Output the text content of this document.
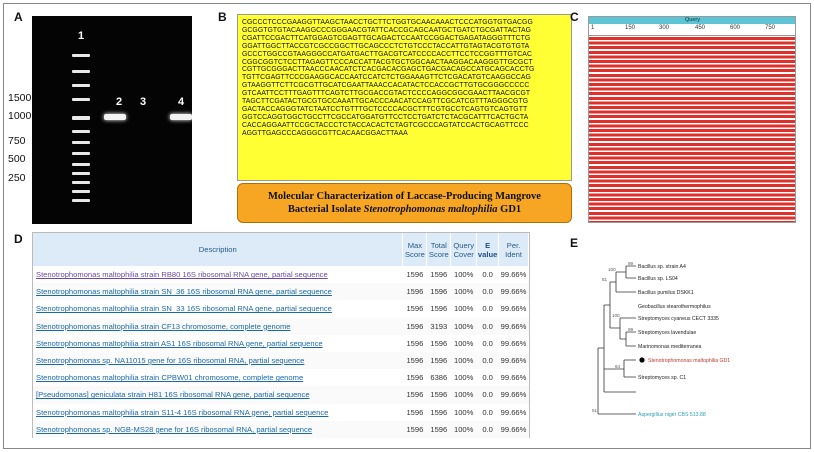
A
1
2 3	4
1500
1000
750
500
250
B CGCCCTCCCGAAGGTTAAGCTAACCTGCTTCTGGTGCAACAAACTCCCATGGTGTGACGG
GCGGTGTGTACAAGGCCCGGGAACGTATTCACCGCAGCAATGCTGATCTGCGATTACTAG
CGATTCCGACTTCATGGAGTCGAGTTGCAGACTCCAATCCGGACTGAGATAGGGTTTCTG
GGATTGGCTTACCGTCGCCGGCTTGCAGCCCTCTGTCCCTACCATTGTAGTACGTGTGTA
GCCCTGGCCGTAAGGGCCATGATGACTTGACGTCATCCCCACCTTCCTCCGGTTTGTCAC
CGGCGGTCTCCTTAGAGTTCCCACCATTACGTGCTGGCAACTAAGGACAAGGGTTGCGCT
CGTTGCGGGACTTAACCCAACATCTCACGACACGAGCTGACGACAGCCATGCAGCACCTG
TGTTCGAGTTCCCGAAGGCACCAATCCATCTCTGGAAAGTTCTCGACATGTCAAGGCCAG
GTAAGGTTCTTCGCGTTGCATCGAATTAAACCACATACTCCACCGCTTGTGCGGGCCCCC
GTCAATTCCTTTGAGTTTCAGTCTTGCGACCGTACTCCCCAGGCGGCGAACTTAACGCGT
TAGCTTCGATACTGCGTGCCAAATTGCACCCAACATCCAGTTCGCATCGTTTAGGGCGTG
GACTACCAGGGTATCTAATCCTGTTTGCTCCCCACGCTTTCGTGCCTCAGTGTCAGTGTT
GGTCCAGGTGGCTGCCTTCGCCATGGATGTTCCTCCTGATCTCTACGCATTTCACTGCTA
CACCAGGAATTCCGCTACCCTCTACCACACTCTAGTCGCCCAGTATCCACTGCAGTTCCC
AGGTTGAGCCCAGGGCGTTCACAACGGACTTAAA
Molecular Characterization of Laccase-Producing Mangrove
Bacterial Isolate Stenotrophomonas maltophilia GD1
C	Query
1	150	300	450	600	750
D
Description	Max Score	Total Score	Query Cover	E value	Per. Ident
Stenotrophomonas maltophilia strain RB80 16S ribosomal RNA gene, partial sequence	1596	1596	100%	0.0	99.66%
Stenotrophomonas maltophilia strain SN_36 16S ribosomal RNA gene, partial sequence	1596	1596	100%	0.0	99.66%
Stenotrophomonas maltophilia strain SN_33 16S ribosomal RNA gene, partial sequence	1596	1596	100%	0.0	99.66%
Stenotrophomonas maltophilia strain CF13 chromosome, complete genome	1596	3193	100%	0.0	99.66%
Stenotrophomonas maltophilia strain AS1 16S ribosomal RNA gene, partial sequence	1596	1596	100%	0.0	99.66%
Stenotrophomonas sp. NA11015 gene for 16S ribosomal RNA, partial sequence	1596	1596	100%	0.0	99.66%
Stenotrophomonas maltophilia strain CPBW01 chromosome, complete genome	1596	6386	100%	0.0	99.66%
[Pseudomonas] geniculata strain H81 16S ribosomal RNA gene, partial sequence	1596	1596	100%	0.0	99.66%
Stenotrophomonas maltophilia strain S11-4 16S ribosomal RNA gene, partial sequence	1596	1596	100%	0.0	99.66%
Stenotrophomonas sp. NGB-MS28 gene for 16S ribosomal RNA, partial sequence	1596	1596	100%	0.0	99.66%
E
99
100
51
99
100
64
51
Bacillus sp. strain A4
Bacillus sp. LS04
Bacillus pumilus DSKK1
Geobacillus stearothermophilus
Streptomyces cyaneus CECT 3335
Streptomyces lavendulae
Marinomonas mediterranea
Stenotrophomonas maltophilia GD1
Streptomyces sp. C1
Aspergillus niger CBS 513.88
